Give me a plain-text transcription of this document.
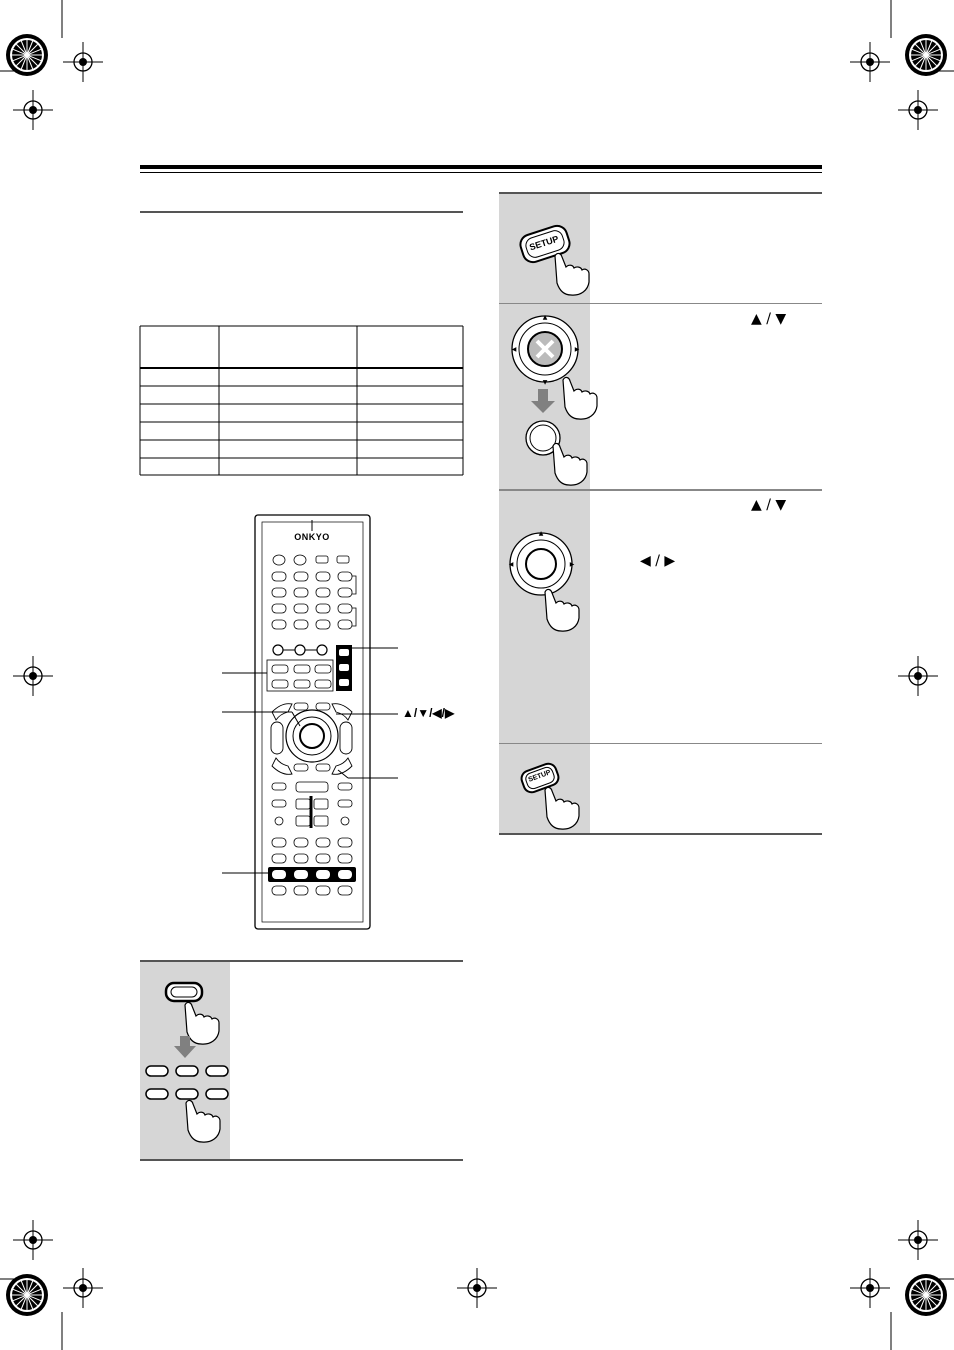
ONKYO
▲/▼/◀/▶
▲
▼
◀	▶
▲
◀	▶
SETUP
SETUP
▲ / ▼
▲ / ▼
◀ / ▶
